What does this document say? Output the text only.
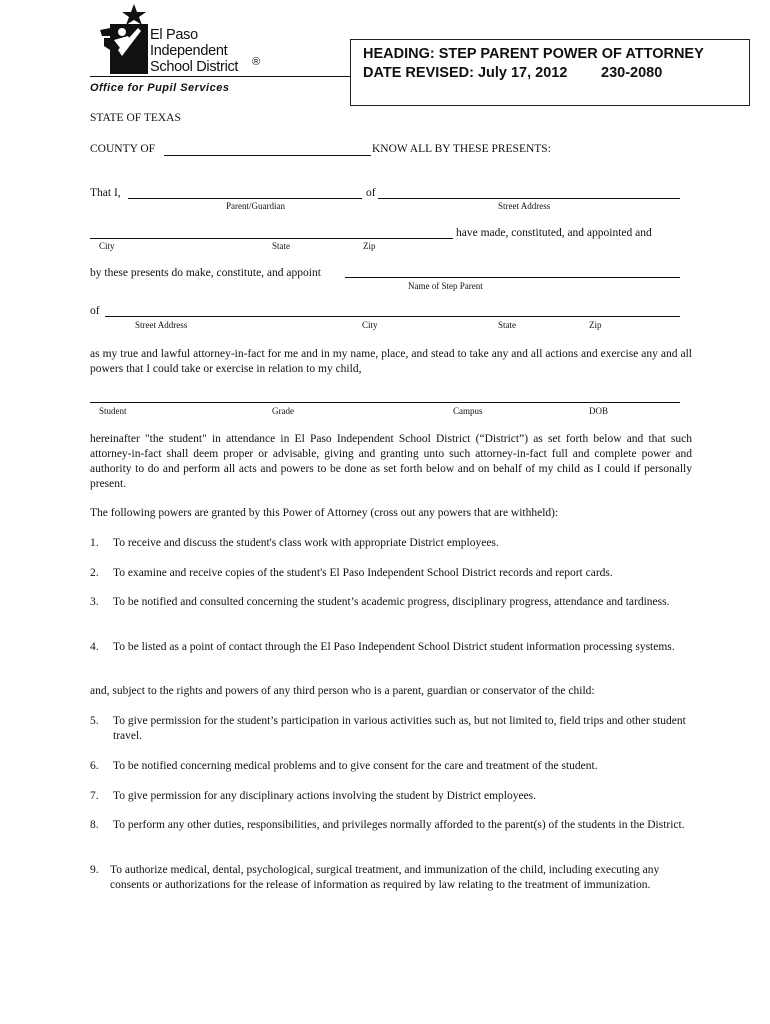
El Paso
Independent
School District ®
Office for Pupil Services
HEADING: STEP PARENT POWER OF ATTORNEY
DATE REVISED: July 17, 2012 230-2080
STATE OF TEXAS
COUNTY OF	KNOW ALL BY THESE PRESENTS:
That I,	of
Parent/Guardian	Street Address
have made, constituted, and appointed and
City	State	Zip
by these presents do make, constitute, and appoint
Name of Step Parent
of
Street Address	City	State	Zip
as my true and lawful attorney-in-fact for me and in my name, place, and stead to take any and all actions and exercise any and all powers that I could take or exercise in relation to my child,
Student	Grade	Campus	DOB
hereinafter "the student" in attendance in El Paso Independent School District (“District”) as set forth below and that such attorney-in-fact shall deem proper or advisable, giving and granting unto such attorney-in-fact full and complete power and authority to do and perform all acts and powers to be done as set forth below and on behalf of my child as I could if personally present.
The following powers are granted by this Power of Attorney (cross out any powers that are withheld):
1. To receive and discuss the student's class work with appropriate District employees.
2. To examine and receive copies of the student's El Paso Independent School District records and report cards.
3. To be notified and consulted concerning the student’s academic progress, disciplinary progress, attendance and tardiness.
4. To be listed as a point of contact through the El Paso Independent School District student information processing systems.
and, subject to the rights and powers of any third person who is a parent, guardian or conservator of the child:
5. To give permission for the student’s participation in various activities such as, but not limited to, field trips and other student travel.
6. To be notified concerning medical problems and to give consent for the care and treatment of the student.
7. To give permission for any disciplinary actions involving the student by District employees.
8. To perform any other duties, responsibilities, and privileges normally afforded to the parent(s) of the students in the District.
9. To authorize medical, dental, psychological, surgical treatment, and immunization of the child, including executing any consents or authorizations for the release of information as required by law relating to the treatment of immunization.
